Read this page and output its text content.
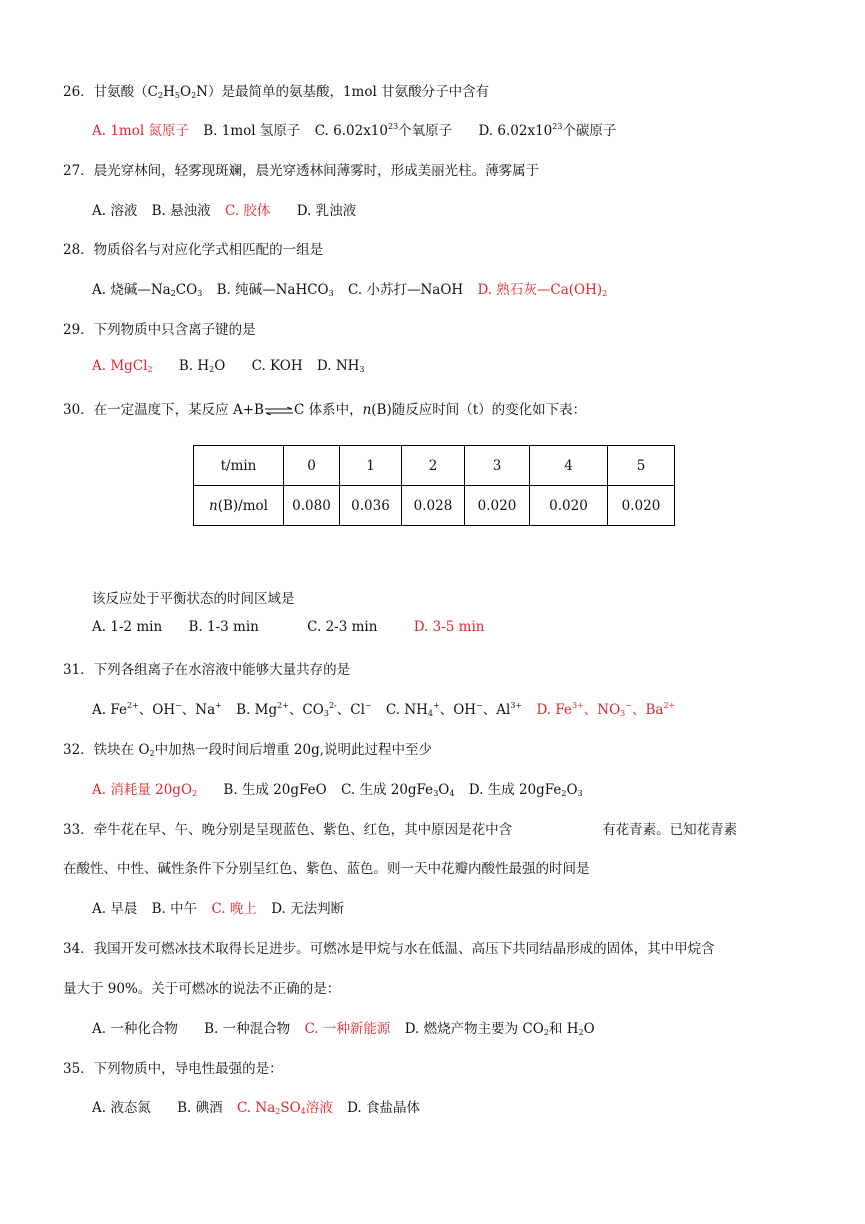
26．甘氨酸$(C_2H_5O_2N)$是最简单的氨基酸，1mol 甘氨酸分子中含有
A. 1mol 氮原子 B. 1mol 氢原子 C. $6.02x10^{23}$个氧原子 D. $6.02x10^{23}$个碳原子
27．晨光穿林间，轻雾现斑斓，晨光穿透林间薄雾时，形成美丽光柱。薄雾属于
A. 溶液 B. 悬浊液 C. 胶体 D. 乳浊液
28．物质俗名与对应化学式相匹配的一组是
A. 烧碱$—Na_2CO_3$ B. 纯碱—NaHCO$_3$ C. 小苏打—NaOH D. 熟石灰$—Ca(OH)_2$
29．下列物质中只含离子键的是
A. MgCl$_2$ B. $H_2O$ C. KOH D. $NH_3$
30．在一定温度下，某反应 A+B⇌C 体系中，n(B)随反应时间（t）的变化如下表：
t/min	0	1	2	3	4	5
n(B)/mol	0.080	0.036	0.028	0.020	0.020	0.020
该反应处于平衡状态的时间区域是
A. 1-2 min B. 1-3 min	C. 2-3 min	D. 3-5 min
31．下列各组离子在水溶液中能够大量共存的是
A. $Fe^{2+}$、OH−、Na+ B. $Mg^{2+}$、$CO_3^{2-}$、Cl− C. $NH_4^+$、OH−、$Al^{3+}$ D. $Fe^{3+}$、$NO_3^-$、$Ba^{2+}$
32．铁块在 $O_2$中加热一段时间后增重 20g,说明此过程中至少
A. 消耗量 $20gO_2$ B. 生成 20gFeO C. 生成 $20gFe_3O_4$ D. 生成 $20gFe_2O_3$
33．牵牛花在早、午、晚分别是呈现蓝色、紫色、红色，其中原因是花中含	有花青素。已知花青素
在酸性、中性、碱性条件下分别呈红色、紫色、蓝色。则一天中花瓣内酸性最强的时间是
A. 早晨 B. 中午 C. 晚上 D. 无法判断
34．我国开发可燃冰技术取得长足进步。可燃冰是甲烷与水在低温、高压下共同结晶形成的固体，其中甲烷含
量大于 90%。关于可燃冰的说法不正确的是：
A. 一种化合物 B. 一种混合物 C. 一种新能源 D. 燃烧产物主要为 $CO_2$和 $H_2O$
35．下列物质中，导电性最强的是：
A. 液态氮 B. 碘酒 C. $Na_2SO_4$溶液 D. 食盐晶体
